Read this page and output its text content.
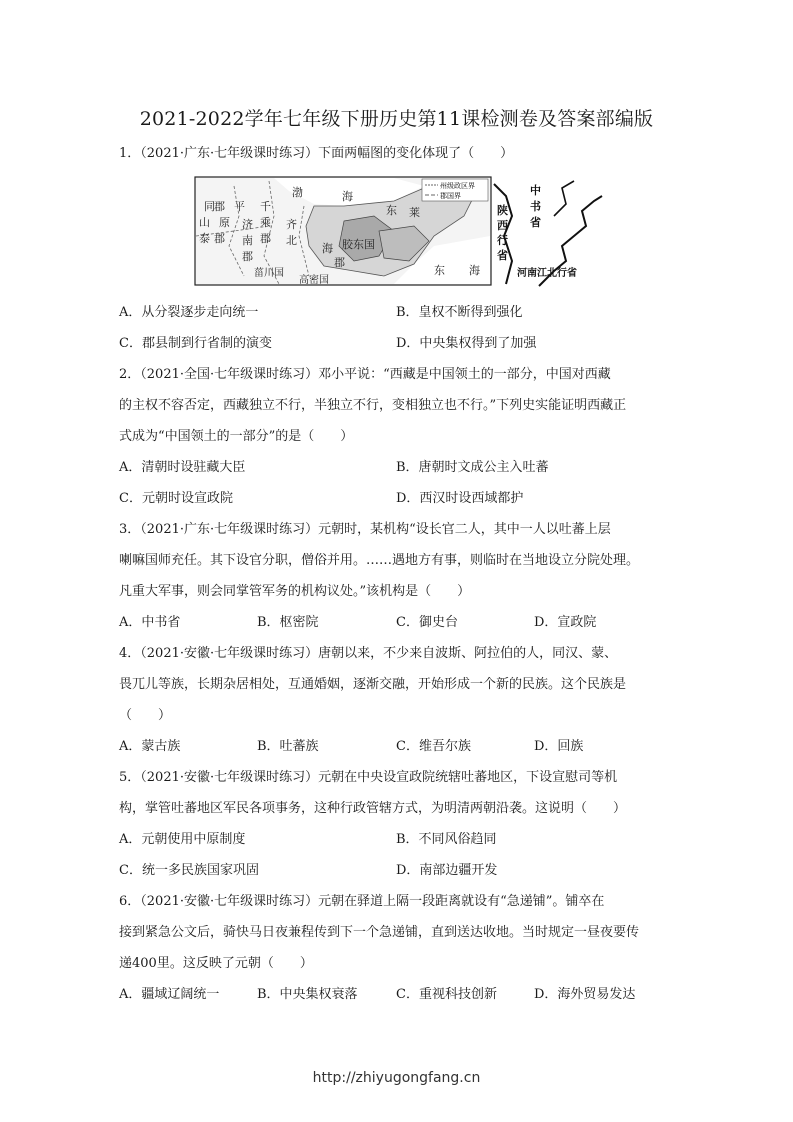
2021-2022学年七年级下册历史第11课检测卷及答案部编版
1．（2021·广东·七年级课时练习）下面两幅图的变化体现了（　　）
州级政区界
郡国界
渤	海
东 莱
平 千
乘
郡
济
南
郡
齐
北
海
郡
胶东国
菑川国
高密国
东 海
原
郡
泰
山
郡
同
中书省
陕西行省
河南江北行省
A．从分裂逐步走向统一	B．皇权不断得到强化
C．郡县制到行省制的演变	D．中央集权得到了加强
2．（2021·全国·七年级课时练习）邓小平说：“西藏是中国领土的一部分，中国对西藏
的主权不容否定，西藏独立不行，半独立不行，变相独立也不行。”下列史实能证明西藏正
式成为“中国领土的一部分”的是（　　）
A．清朝时设驻藏大臣	B．唐朝时文成公主入吐蕃
C．元朝时设宣政院	D．西汉时设西域都护
3．（2021·广东·七年级课时练习）元朝时，某机构“设长官二人，其中一人以吐蕃上层
喇嘛国师充任。其下设官分职，僧俗并用。……遇地方有事，则临时在当地设立分院处理。
凡重大军事，则会同掌管军务的机构议处。”该机构是（　　）
A．中书省	B．枢密院	C．御史台	D．宣政院
4．（2021·安徽·七年级课时练习）唐朝以来，不少来自波斯、阿拉伯的人，同汉、蒙、
畏兀儿等族，长期杂居相处，互通婚姻，逐渐交融，开始形成一个新的民族。这个民族是
（　　）
A．蒙古族	B．吐蕃族	C．维吾尔族	D．回族
5．（2021·安徽·七年级课时练习）元朝在中央设宣政院统辖吐蕃地区，下设宣慰司等机
构，掌管吐蕃地区军民各项事务，这种行政管辖方式，为明清两朝沿袭。这说明（　　）
A．元朝使用中原制度	B．不同风俗趋同
C．统一多民族国家巩固	D．南部边疆开发
6．（2021·安徽·七年级课时练习）元朝在驿道上隔一段距离就设有“急递铺”。铺卒在
接到紧急公文后，骑快马日夜兼程传到下一个急递铺，直到送达收地。当时规定一昼夜要传
递400里。这反映了元朝（　　）
A．疆域辽阔统一	B．中央集权衰落	C．重视科技创新	D．海外贸易发达
http://zhiyugongfang.cn
